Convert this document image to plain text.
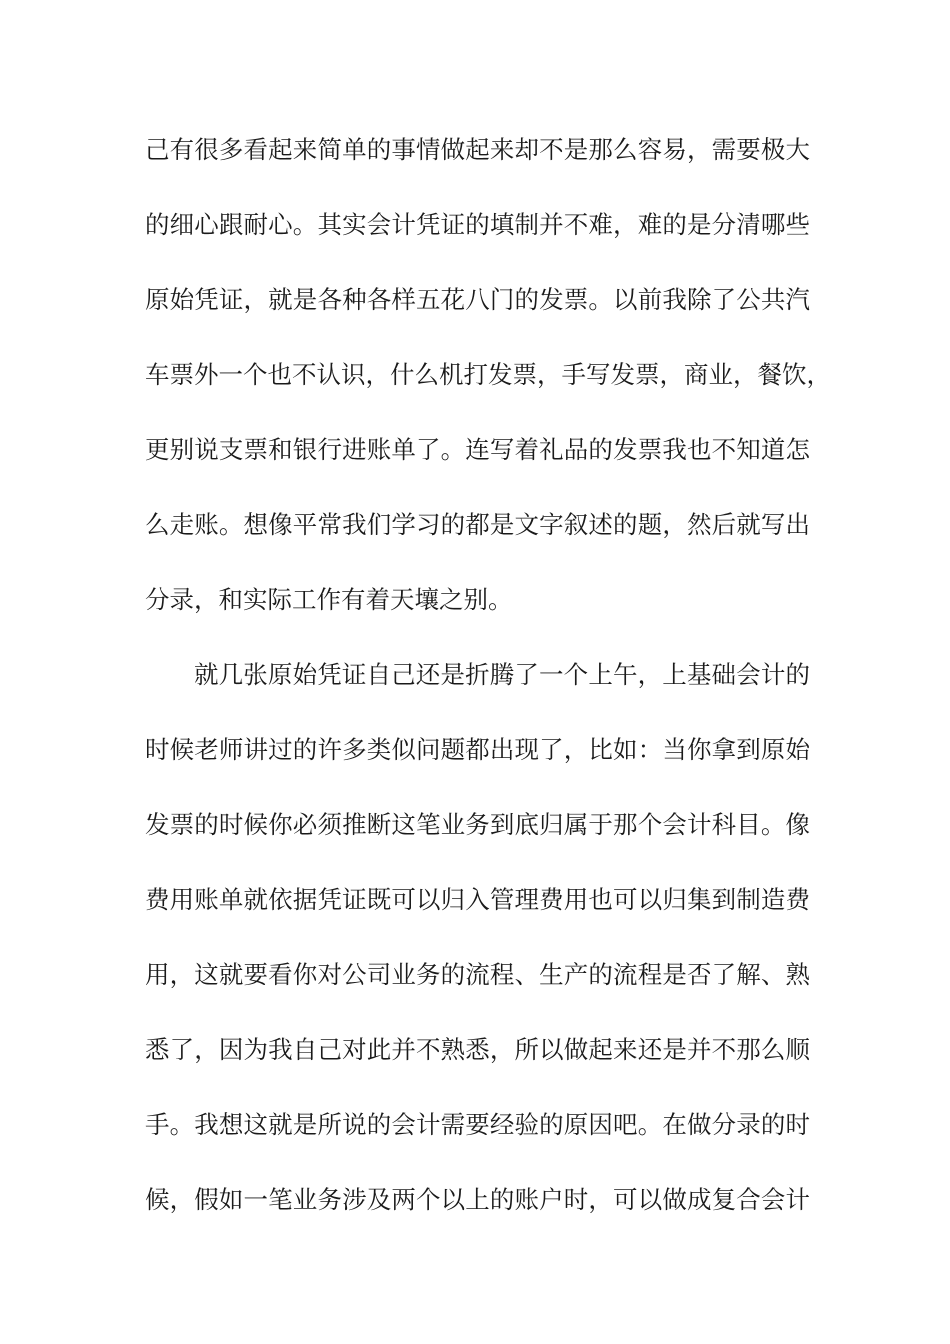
己有很多看起来简单的事情做起来却不是那么容易，需要极大
的细心跟耐心。其实会计凭证的填制并不难，难的是分清哪些
原始凭证，就是各种各样五花八门的发票。以前我除了公共汽
车票外一个也不认识，什么机打发票，手写发票，商业，餐饮，
更别说支票和银行进账单了。连写着礼品的发票我也不知道怎
么走账。想像平常我们学习的都是文字叙述的题，然后就写出
分录，和实际工作有着天壤之别。
就几张原始凭证自己还是折腾了一个上午，上基础会计的
时候老师讲过的许多类似问题都出现了，比如：当你拿到原始
发票的时候你必须推断这笔业务到底归属于那个会计科目。像
费用账单就依据凭证既可以归入管理费用也可以归集到制造费
用，这就要看你对公司业务的流程、生产的流程是否了解、熟
悉了，因为我自己对此并不熟悉，所以做起来还是并不那么顺
手。我想这就是所说的会计需要经验的原因吧。在做分录的时
候，假如一笔业务涉及两个以上的账户时，可以做成复合会计
